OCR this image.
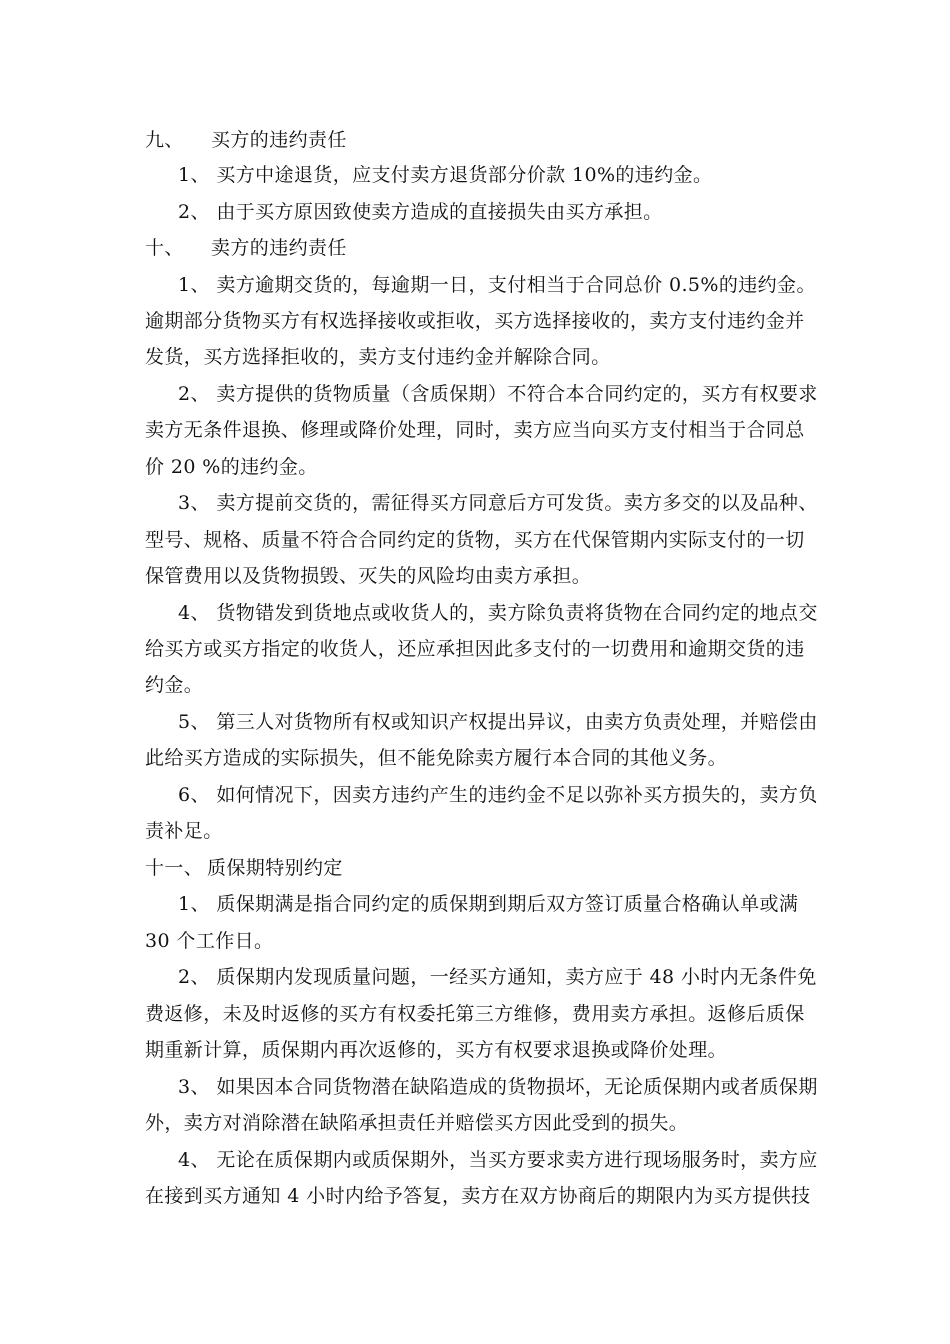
九、 买方的违约责任
1、 买方中途退货，应支付卖方退货部分价款 10%的违约金。
2、 由于买方原因致使卖方造成的直接损失由买方承担。
十、 卖方的违约责任
1、 卖方逾期交货的，每逾期一日，支付相当于合同总价 0.5%的违约金。
逾期部分货物买方有权选择接收或拒收，买方选择接收的，卖方支付违约金并
发货，买方选择拒收的，卖方支付违约金并解除合同。
2、 卖方提供的货物质量（含质保期）不符合本合同约定的，买方有权要求
卖方无条件退换、修理或降价处理，同时，卖方应当向买方支付相当于合同总
价 20 %的违约金。
3、 卖方提前交货的，需征得买方同意后方可发货。卖方多交的以及品种、
型号、规格、质量不符合合同约定的货物，买方在代保管期内实际支付的一切
保管费用以及货物损毁、灭失的风险均由卖方承担。
4、 货物错发到货地点或收货人的，卖方除负责将货物在合同约定的地点交
给买方或买方指定的收货人，还应承担因此多支付的一切费用和逾期交货的违
约金。
5、 第三人对货物所有权或知识产权提出异议，由卖方负责处理，并赔偿由
此给买方造成的实际损失，但不能免除卖方履行本合同的其他义务。
6、 如何情况下，因卖方违约产生的违约金不足以弥补买方损失的，卖方负
责补足。
十一、 质保期特别约定
1、 质保期满是指合同约定的质保期到期后双方签订质量合格确认单或满
30 个工作日。
2、 质保期内发现质量问题，一经买方通知，卖方应于 48 小时内无条件免
费返修，未及时返修的买方有权委托第三方维修，费用卖方承担。返修后质保
期重新计算，质保期内再次返修的，买方有权要求退换或降价处理。
3、 如果因本合同货物潜在缺陷造成的货物损坏，无论质保期内或者质保期
外，卖方对消除潜在缺陷承担责任并赔偿买方因此受到的损失。
4、 无论在质保期内或质保期外，当买方要求卖方进行现场服务时，卖方应
在接到买方通知 4 小时内给予答复，卖方在双方协商后的期限内为买方提供技
